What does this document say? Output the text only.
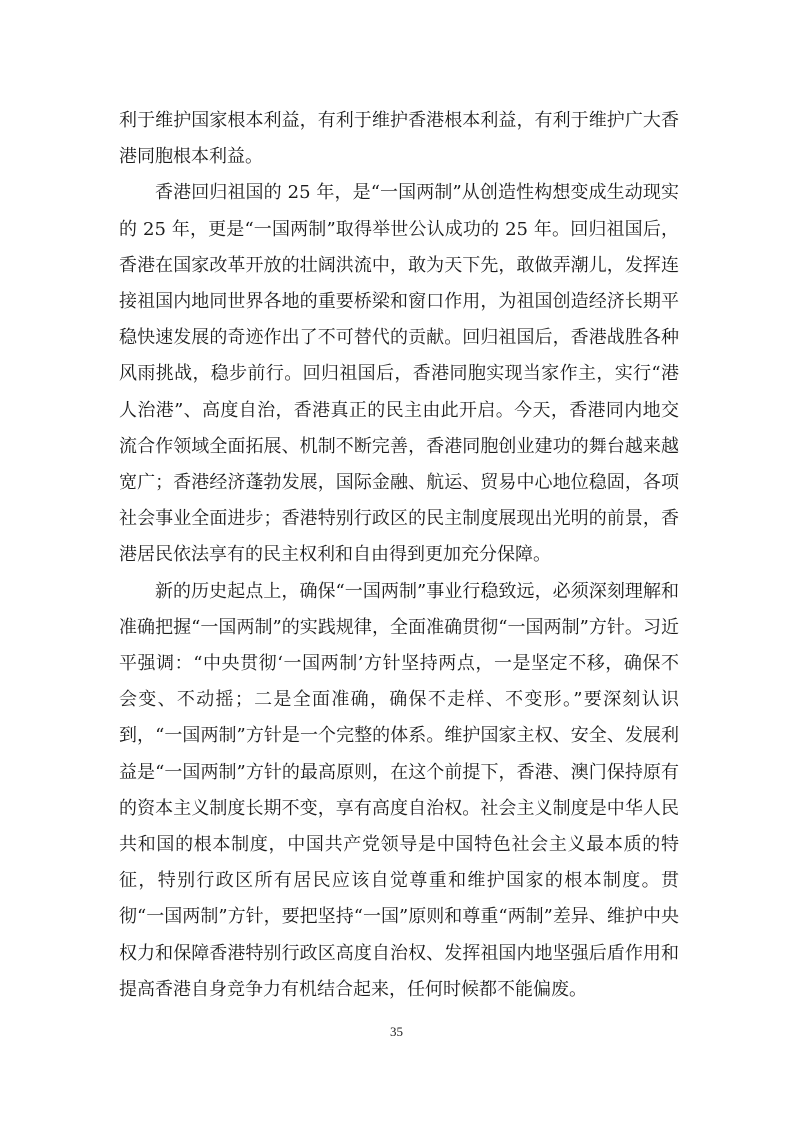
利于维护国家根本利益，有利于维护香港根本利益，有利于维护广大香港同胞根本利益。

香港回归祖国的 25 年，是“一国两制”从创造性构想变成生动现实的 25 年，更是“一国两制”取得举世公认成功的 25 年。回归祖国后，香港在国家改革开放的壮阔洪流中，敢为天下先，敢做弄潮儿，发挥连接祖国内地同世界各地的重要桥梁和窗口作用，为祖国创造经济长期平稳快速发展的奇迹作出了不可替代的贡献。回归祖国后，香港战胜各种风雨挑战，稳步前行。回归祖国后，香港同胞实现当家作主，实行“港人治港”、高度自治，香港真正的民主由此开启。今天，香港同内地交流合作领域全面拓展、机制不断完善，香港同胞创业建功的舞台越来越宽广；香港经济蓬勃发展，国际金融、航运、贸易中心地位稳固，各项社会事业全面进步；香港特别行政区的民主制度展现出光明的前景，香港居民依法享有的民主权利和自由得到更加充分保障。

新的历史起点上，确保“一国两制”事业行稳致远，必须深刻理解和准确把握“一国两制”的实践规律，全面准确贯彻“一国两制”方针。习近平强调：“中央贯彻‘一国两制’方针坚持两点，一是坚定不移，确保不会变、不动摇；二是全面准确，确保不走样、不变形。”要深刻认识到，“一国两制”方针是一个完整的体系。维护国家主权、安全、发展利益是“一国两制”方针的最高原则，在这个前提下，香港、澳门保持原有的资本主义制度长期不变，享有高度自治权。社会主义制度是中华人民共和国的根本制度，中国共产党领导是中国特色社会主义最本质的特征，特别行政区所有居民应该自觉尊重和维护国家的根本制度。贯彻“一国两制”方针，要把坚持“一国”原则和尊重“两制”差异、维护中央权力和保障香港特别行政区高度自治权、发挥祖国内地坚强后盾作用和提高香港自身竞争力有机结合起来，任何时候都不能偏废。

35
